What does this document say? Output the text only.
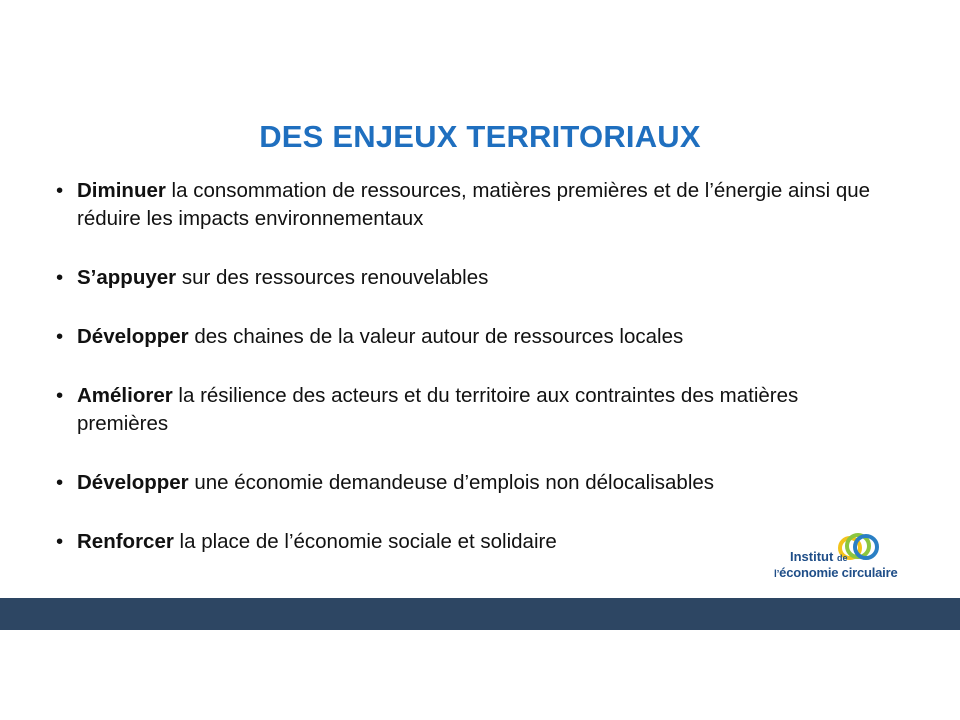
DES ENJEUX TERRITORIAUX
• Diminuer la consommation de ressources, matières premières et de l’énergie ainsi que réduire les impacts environnementaux
• S’appuyer sur des ressources renouvelables
• Développer des chaines de la valeur autour de ressources locales
• Améliorer la résilience des acteurs et du territoire aux contraintes des matières premières
• Développer une économie demandeuse d’emplois non délocalisables
• Renforcer la place de l’économie sociale et solidaire
Institut de
l’économie circulaire
